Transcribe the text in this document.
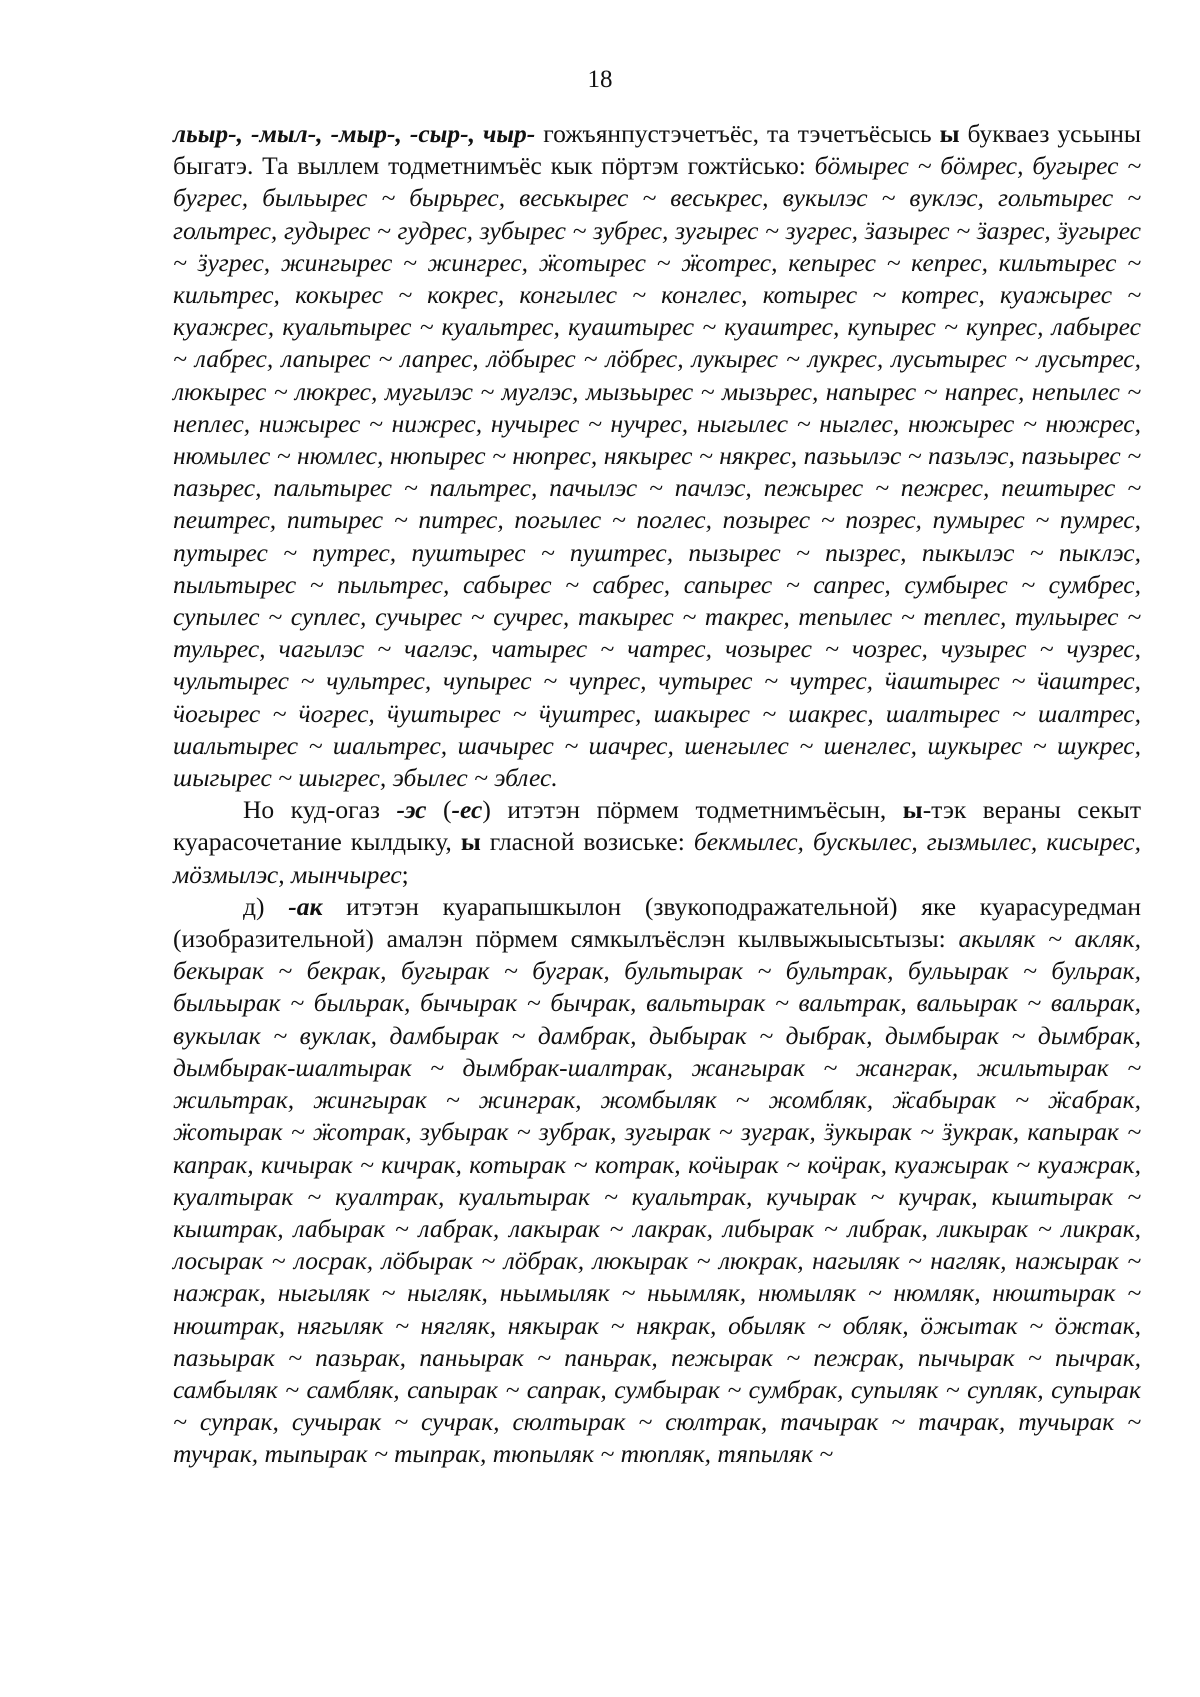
18

льыр-, -мыл-, -мыр-, -сыр-, чыр- гожъянпустэчетъёс, та тэчетъёсысь ы букваез усьыны быгатэ. Та выллем тодметнимъёс кык пӧртэм гожтӥсько: бӧмырес ~ бӧмрес, бугырес ~ бугрес, быльырес ~ бырьрес, веськырес ~ веськрес, вукылэс ~ вуклэс, гольтырес ~ гольтрес, гудырес ~ гудрес, зубырес ~ зубрес, зугырес ~ зугрес, ӟазырес ~ ӟазрес, ӟугырес ~ ӟугрес, жингырес ~ жингрес, ӝотырес ~ ӝотрес, кепырес ~ кепрес, кильтырес ~ кильтрес, кокырес ~ кокрес, конгылес ~ конглес, котырес ~ котрес, куажырес ~ куажрес, куальтырес ~ куальтрес, куаштырес ~ куаштрес, купырес ~ купрес, лабырес ~ лабрес, лапырес ~ лапрес, лӧбырес ~ лӧбрес, лукырес ~ лукрес, лусьтырес ~ лусьтрес, люкырес ~ люкрес, мугылэс ~ муглэс, мызьырес ~ мызьрес, напырес ~ напрес, непылес ~ неплес, нижырес ~ нижрес, нучырес ~ нучрес, ныгылес ~ ныглес, нюжырес ~ нюжрес, нюмылес ~ нюмлес, нюпырес ~ нюпрес, някырес ~ някрес, пазьылэс ~ пазьлэс, пазьырес ~ пазьрес, пальтырес ~ пальтрес, пачылэс ~ пачлэс, пежырес ~ пежрес, пештырес ~ пештрес, питырес ~ питрес, погылес ~ поглес, позырес ~ позрес, пумырес ~ пумрес, путырес ~ путрес, пуштырес ~ пуштрес, пызырес ~ пызрес, пыкылэс ~ пыклэс, пыльтырес ~ пыльтрес, сабырес ~ сабрес, сапырес ~ сапрес, сумбырес ~ сумбрес, супылес ~ суплес, сучырес ~ сучрес, такырес ~ такрес, тепылес ~ теплес, тульырес ~ тульрес, чагылэс ~ чаглэс, чатырес ~ чатрес, чозырес ~ чозрес, чузырес ~ чузрес, чультырес ~ чультрес, чупырес ~ чупрес, чутырес ~ чутрес, ӵаштырес ~ ӵаштрес, ӵогырес ~ ӵогрес, ӵуштырес ~ ӵуштрес, шакырес ~ шакрес, шалтырес ~ шалтрес, шальтырес ~ шальтрес, шачырес ~ шачрес, шенгылес ~ шенглес, шукырес ~ шукрес, шыгырес ~ шыгрес, эбылес ~ эблес.

Но куд-огаз -эс (-ес) итэтэн пӧрмем тодметнимъёсын, ы-тэк вераны секыт куарасочетание кылдыку, ы гласной возиське: бекмылес, бускылес, гызмылес, кисырес, мӧзмылэс, мынчырес;

д) -ак итэтэн куарапышкылон (звукоподражательной) яке куарасуредман (изобразительной) амалэн пӧрмем сямкылъёслэн кылвыжыысьтызы: акыляк ~ акляк, бекырак ~ бекрак, бугырак ~ буграк, бультырак ~ бультрак, бульырак ~ бульрак, быльырак ~ быльрак, бычырак ~ бычрак, вальтырак ~ вальтрак, вальырак ~ вальрак, вукылак ~ вуклак, дамбырак ~ дамбрак, дыбырак ~ дыбрак, дымбырак ~ дымбрак, дымбырак-шалтырак ~ дымбрак-шалтрак, жангырак ~ жанграк, жильтырак ~ жильтрак, жингырак ~ жинграк, жомбыляк ~ жомбляк, ӝабырак ~ ӝабрак, ӝотырак ~ ӝотрак, зубырак ~ зубрак, зугырак ~ зуграк, ӟукырак ~ ӟукрак, капырак ~ капрак, кичырак ~ кичрак, котырак ~ котрак, коӵырак ~ коӵрак, куажырак ~ куажрак, куалтырак ~ куалтрак, куальтырак ~ куальтрак, кучырак ~ кучрак, кыштырак ~ кыштрак, лабырак ~ лабрак, лакырак ~ лакрак, либырак ~ либрак, ликырак ~ ликрак, лосырак ~ лосрак, лӧбырак ~ лӧбрак, люкырак ~ люкрак, нагыляк ~ нагляк, нажырак ~ нажрак, ныгыляк ~ ныгляк, ньымыляк ~ ньымляк, нюмыляк ~ нюмляк, нюштырак ~ нюштрак, нягыляк ~ нягляк, някырак ~ някрак, обыляк ~ обляк, ӧжытак ~ ӧжтак, пазьырак ~ пазьрак, паньырак ~ паньрак, пежырак ~ пежрак, пычырак ~ пычрак, самбыляк ~ самбляк, сапырак ~ сапрак, сумбырак ~ сумбрак, супыляк ~ супляк, супырак ~ супрак, сучырак ~ сучрак, сюлтырак ~ сюлтрак, тачырак ~ тачрак, тучырак ~ тучрак, тыпырак ~ тыпрак, тюпыляк ~ тюпляк, тяпыляк ~
